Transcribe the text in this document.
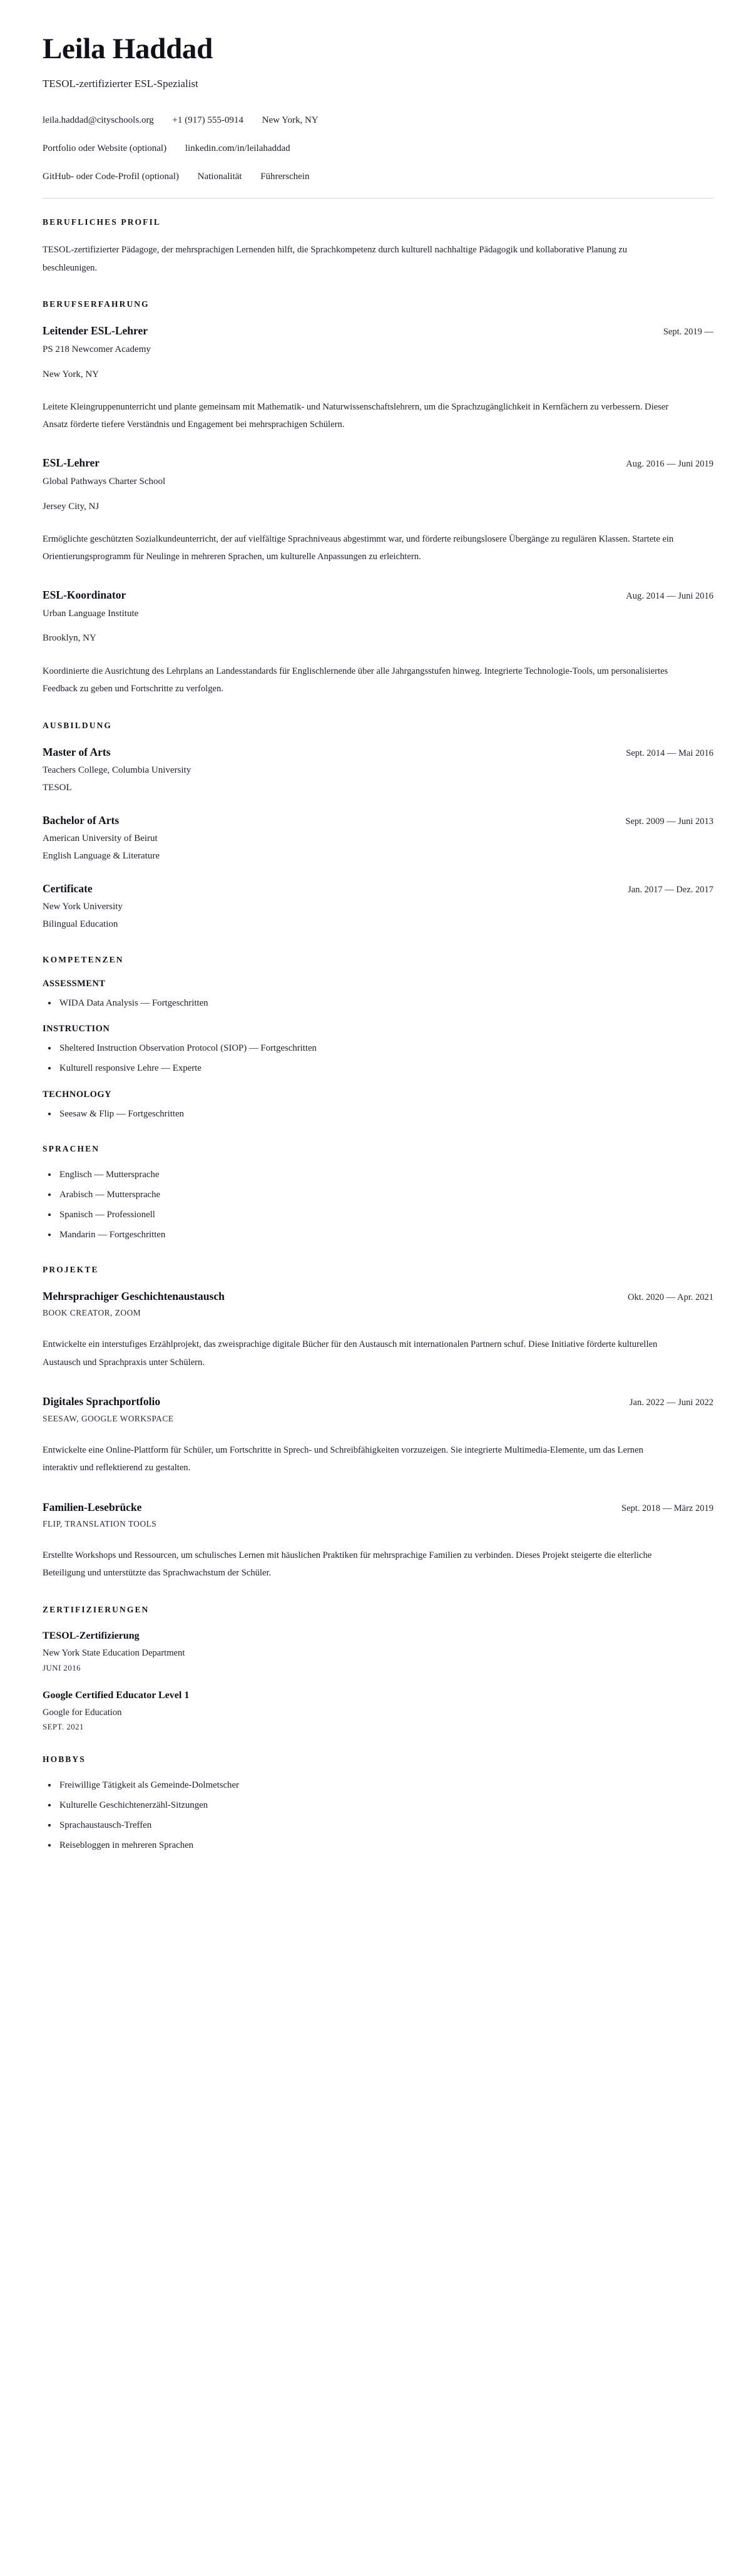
Leila Haddad

TESOL-zertifizierter ESL-Spezialist

leila.haddad@cityschools.org +1 (917) 555-0914 New York, NY
Portfolio oder Website (optional) linkedin.com/in/leilahaddad
GitHub- oder Code-Profil (optional) Nationalität Führerschein
BERUFLICHES PROFIL

TESOL-zertifizierter Pädagoge, der mehrsprachigen Lernenden hilft, die Sprachkompetenz durch kulturell nachhaltige Pädagogik und kollaborative Planung zu beschleunigen.

BERUFSERFAHRUNG
Leitender ESL-Lehrer	Sept. 2019 —

PS 218 Newcomer Academy

New York, NY

Leitete Kleingruppenunterricht und plante gemeinsam mit Mathematik- und Naturwissenschaftslehrern, um die Sprachzugänglichkeit in Kernfächern zu verbessern. Dieser Ansatz förderte tiefere Verständnis und Engagement bei mehrsprachigen Schülern.

ESL-Lehrer	Aug. 2016 — Juni 2019

Global Pathways Charter School

Jersey City, NJ

Ermöglichte geschützten Sozialkundeunterricht, der auf vielfältige Sprachniveaus abgestimmt war, und förderte reibungslosere Übergänge zu regulären Klassen. Startete ein Orientierungsprogramm für Neulinge in mehreren Sprachen, um kulturelle Anpassungen zu erleichtern.

ESL-Koordinator	Aug. 2014 — Juni 2016

Urban Language Institute

Brooklyn, NY

Koordinierte die Ausrichtung des Lehrplans an Landesstandards für Englischlernende über alle Jahrgangsstufen hinweg. Integrierte Technologie-Tools, um personalisiertes Feedback zu geben und Fortschritte zu verfolgen.

AUSBILDUNG
Master of Arts	Sept. 2014 — Mai 2016

Teachers College, Columbia University

TESOL

Bachelor of Arts	Sept. 2009 — Juni 2013

American University of Beirut

English Language & Literature

Certificate	Jan. 2017 — Dez. 2017

New York University

Bilingual Education

KOMPETENZEN
ASSESSMENT
WIDA Data Analysis — Fortgeschritten
INSTRUCTION
Sheltered Instruction Observation Protocol (SIOP) — Fortgeschritten
Kulturell responsive Lehre — Experte
TECHNOLOGY
Seesaw & Flip — Fortgeschritten
SPRACHEN
Englisch — Muttersprache
Arabisch — Muttersprache
Spanisch — Professionell
Mandarin — Fortgeschritten
PROJEKTE
Mehrsprachiger Geschichtenaustausch	Okt. 2020 — Apr. 2021

BOOK CREATOR, ZOOM

Entwickelte ein interstufiges Erzählprojekt, das zweisprachige digitale Bücher für den Austausch mit internationalen Partnern schuf. Diese Initiative förderte kulturellen Austausch und Sprachpraxis unter Schülern.

Digitales Sprachportfolio	Jan. 2022 — Juni 2022

SEESAW, GOOGLE WORKSPACE

Entwickelte eine Online-Plattform für Schüler, um Fortschritte in Sprech- und Schreibfähigkeiten vorzuzeigen. Sie integrierte Multimedia-Elemente, um das Lernen interaktiv und reflektierend zu gestalten.

Familien-Lesebrücke	Sept. 2018 — März 2019

FLIP, TRANSLATION TOOLS

Erstellte Workshops und Ressourcen, um schulisches Lernen mit häuslichen Praktiken für mehrsprachige Familien zu verbinden. Dieses Projekt steigerte die elterliche Beteiligung und unterstützte das Sprachwachstum der Schüler.

ZERTIFIZIERUNGEN
TESOL-Zertifizierung

New York State Education Department

JUNI 2016

Google Certified Educator Level 1

Google for Education

SEPT. 2021

HOBBYS
Freiwillige Tätigkeit als Gemeinde-Dolmetscher
Kulturelle Geschichtenerzähl-Sitzungen
Sprachaustausch-Treffen
Reisebloggen in mehreren Sprachen
